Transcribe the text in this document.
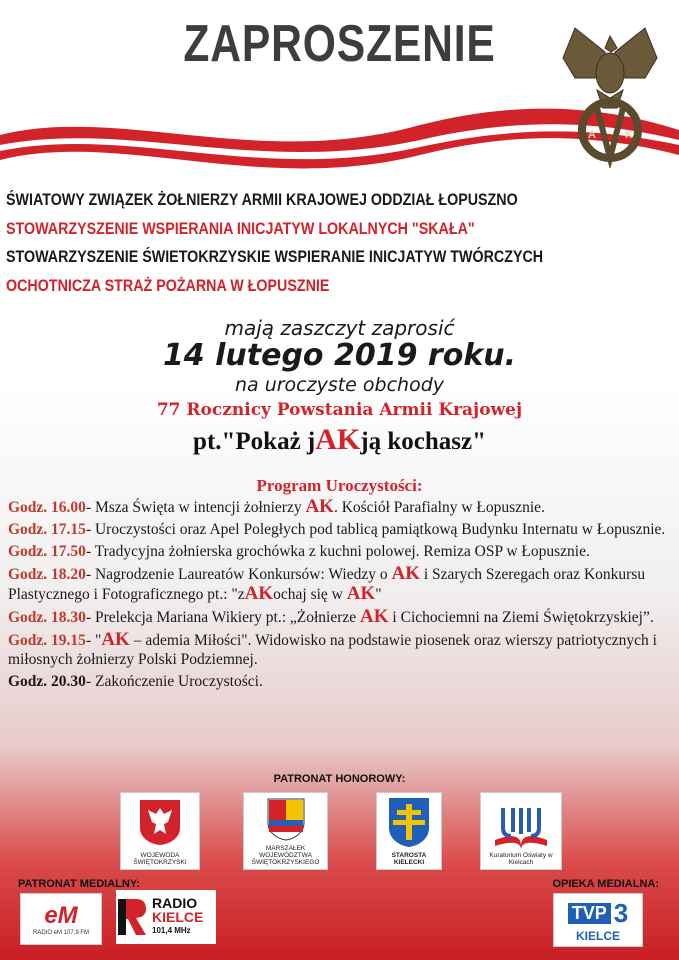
ZAPROSZENIE
A	K
ŚWIATOWY ZWIĄZEK ŻOŁNIERZY ARMII KRAJOWEJ ODDZIAŁ ŁOPUSZNO
STOWARZYSZENIE WSPIERANIA INICJATYW LOKALNYCH "SKAŁA"
STOWARZYSZENIE ŚWIETOKRZYSKIE WSPIERANIE INICJATYW TWÓRCZYCH
OCHOTNICZA STRAŻ POŻARNA W ŁOPUSZNIE
mają zaszczyt zaprosić
14 lutego 2019 roku.
na uroczyste obchody
77 Rocznicy Powstania Armii Krajowej
pt."Pokaż jAKją kochasz"
Program Uroczystości:
Godz. 16.00- Msza Święta w intencji żołnierzy AK. Kościół Parafialny w Łopusznie.
Godz. 17.15- Uroczystości oraz Apel Poległych pod tablicą pamiątkową Budynku Internatu w Łopusznie.
Godz. 17.50- Tradycyjna żołnierska grochówka z kuchni polowej. Remiza OSP w Łopusznie.
Godz. 18.20- Nagrodzenie Laureatów Konkursów: Wiedzy o AK i Szarych Szeregach oraz Konkursu Plastycznego i Fotograficznego pt.: "zAKochaj się w AK"
Godz. 18.30- Prelekcja Mariana Wikiery pt.: „Żołnierze AK i Cichociemni na Ziemi Świętokrzyskiej”.
Godz. 19.15- "AK – ademia Miłości". Widowisko na podstawie piosenek oraz wierszy patriotycznych i miłosnych żołnierzy Polski Podziemnej.
Godz. 20.30- Zakończenie Uroczystości.
PATRONAT HONOROWY:
WOJEWODA ŚWIĘTOKRZYSKI
MARSZAŁEK WOJEWÓDZTWA ŚWIĘTOKRZYSKIEGO
STAROSTA KIELECKI
Kuratorium Oświaty w Kielcach
PATRONAT MEDIALNY:	OPIEKA MEDIALNA:
eM
RADIO eM 107,9 FM
RADIO
KIELCE
101,4 MHz
TVP 3
KIELCE
